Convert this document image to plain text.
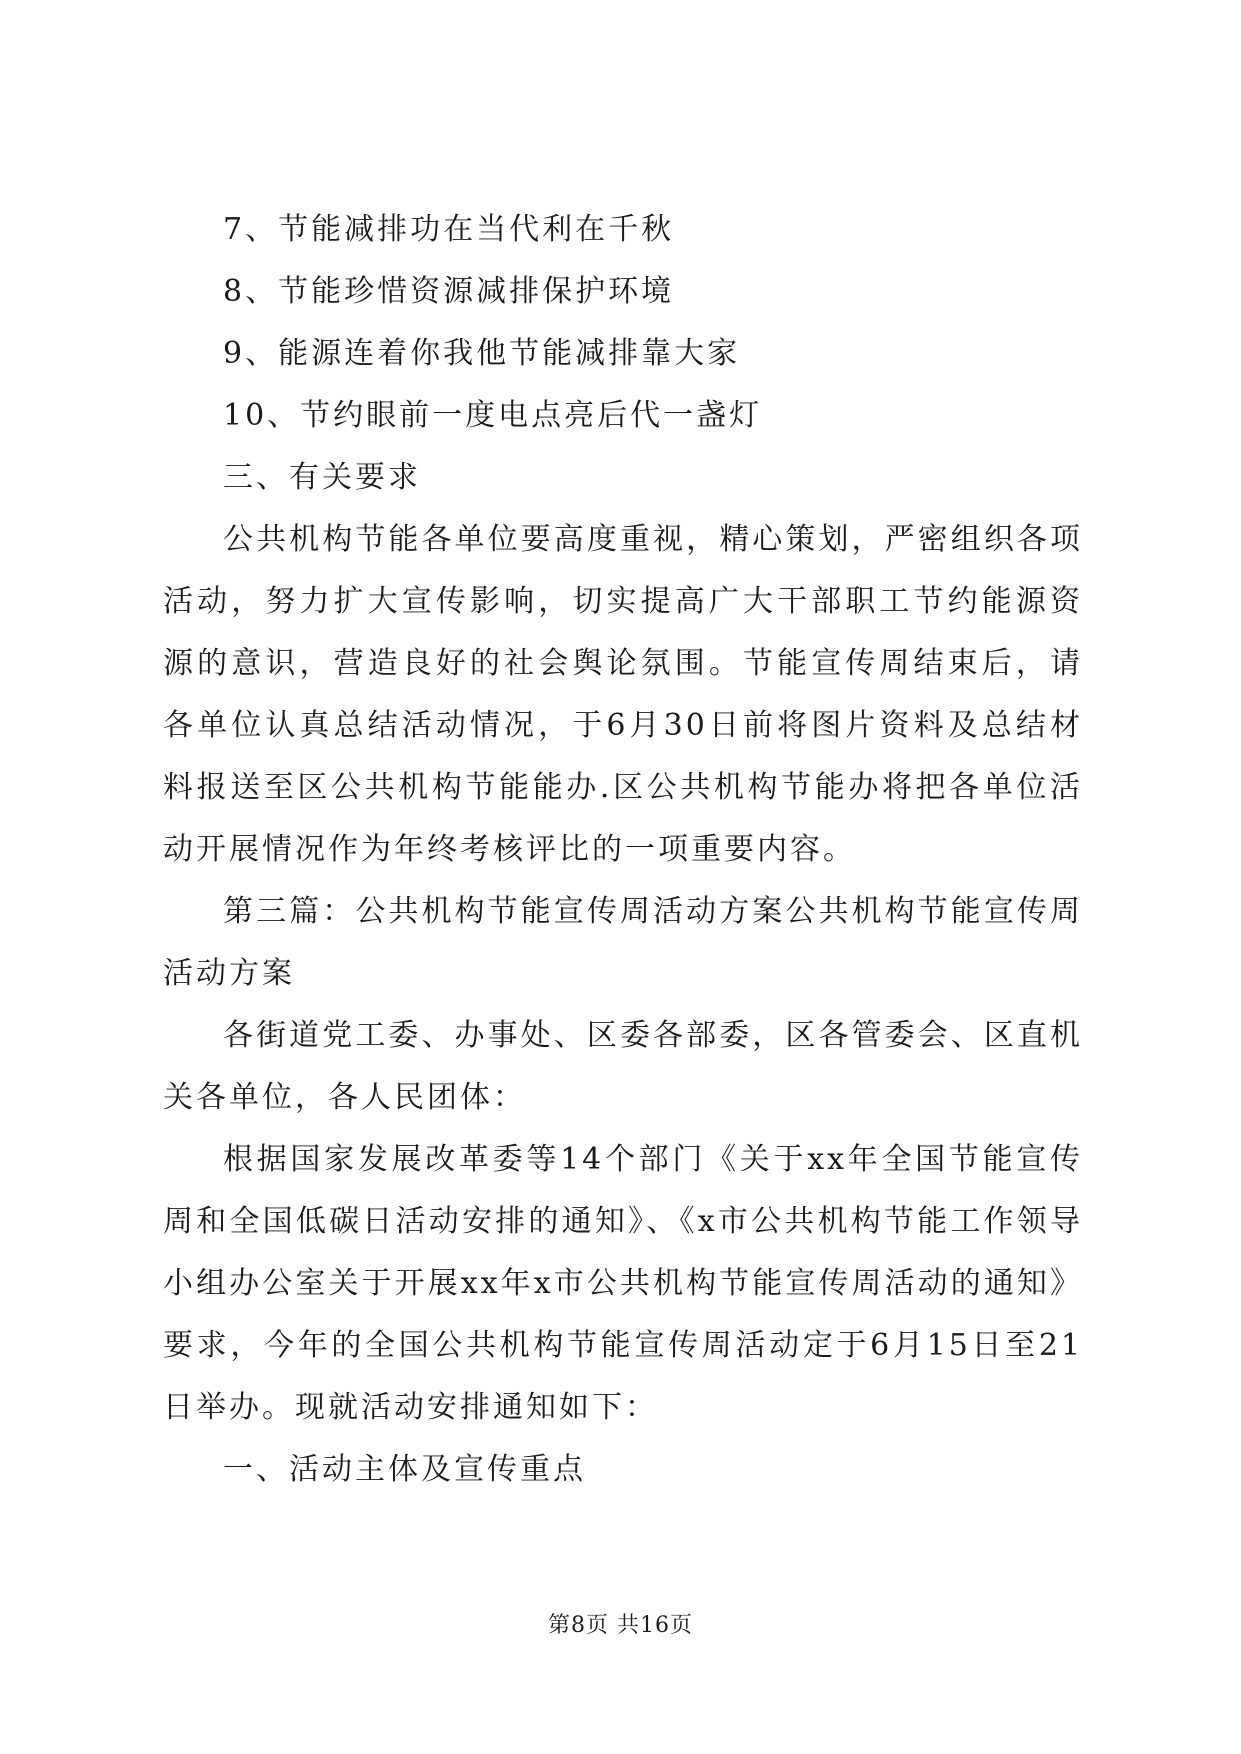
7、节能减排功在当代利在千秋

8、节能珍惜资源减排保护环境

9、能源连着你我他节能减排靠大家

10、节约眼前一度电点亮后代一盏灯

三、有关要求

公共机构节能各单位要高度重视，精心策划，严密组织各项活动，努力扩大宣传影响，切实提高广大干部职工节约能源资源的意识，营造良好的社会舆论氛围。节能宣传周结束后，请各单位认真总结活动情况，于6月30日前将图片资料及总结材料报送至区公共机构节能能办.区公共机构节能办将把各单位活动开展情况作为年终考核评比的一项重要内容。

第三篇：公共机构节能宣传周活动方案公共机构节能宣传周活动方案

各街道党工委、办事处、区委各部委，区各管委会、区直机关各单位，各人民团体：

根据国家发展改革委等14个部门《关于xx年全国节能宣传周和全国低碳日活动安排的通知》、《x市公共机构节能工作领导小组办公室关于开展xx年x市公共机构节能宣传周活动的通知》要求，今年的全国公共机构节能宣传周活动定于6月15日至21日举办。现就活动安排通知如下：

一、活动主体及宣传重点

第8页 共16页
